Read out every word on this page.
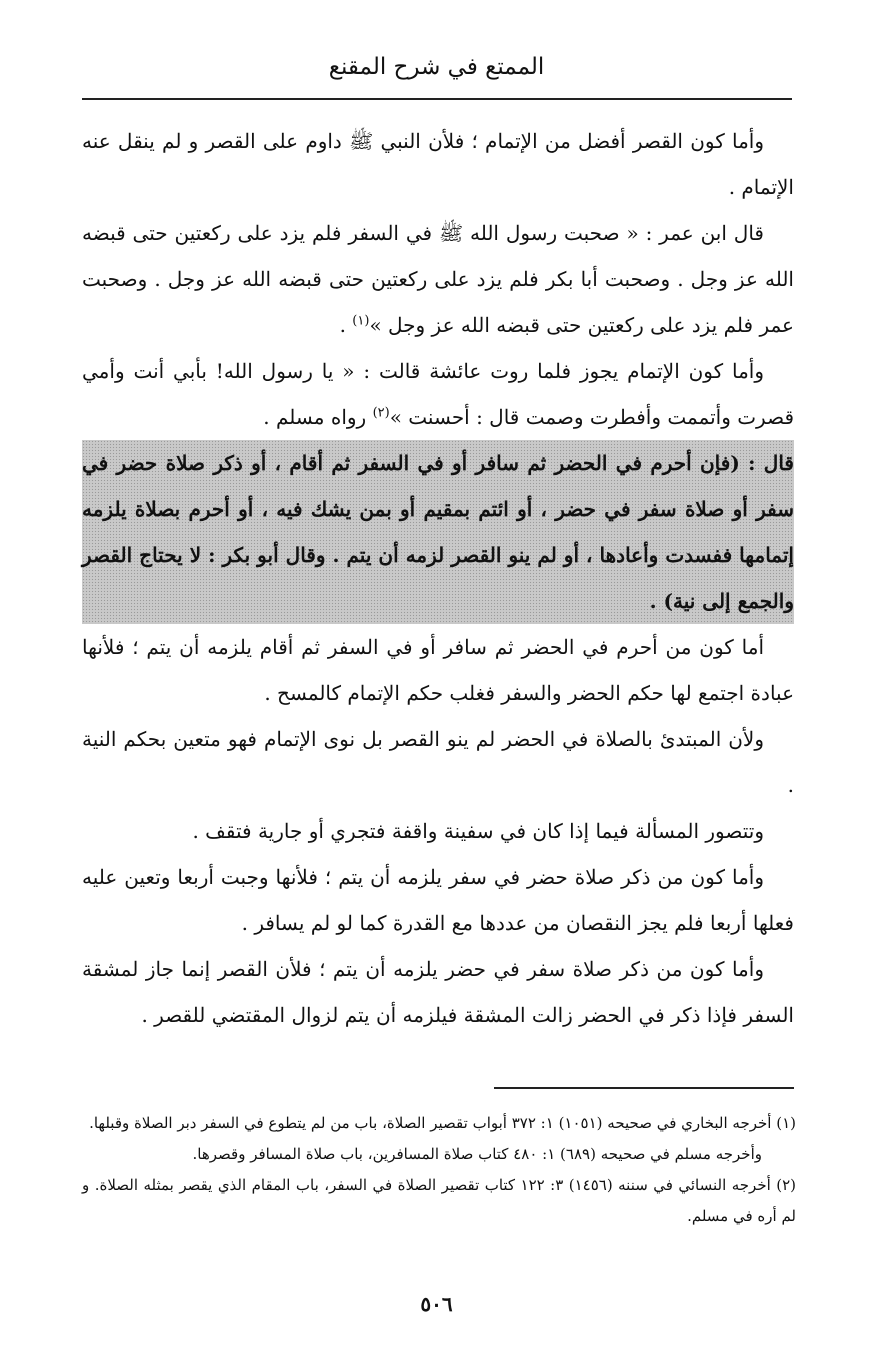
الممتع في شرح المقنع

وأما كون القصر أفضل من الإتمام ؛ فلأن النبي ﷺ داوم على القصر و لم ينقل عنه الإتمام .

قال ابن عمر : « صحبت رسول الله ﷺ في السفر فلم يزد على ركعتين حتى قبضه الله عز وجل . وصحبت أبا بكر فلم يزد على ركعتين حتى قبضه الله عز وجل . وصحبت عمر فلم يزد على ركعتين حتى قبضه الله عز وجل »$^{(١)}$ .

وأما كون الإتمام يجوز فلما روت عائشة قالت : « يا رسول الله! بأبي أنت وأمي قصرت وأتممت وأفطرت وصمت قال : أحسنت »$^{(٢)}$ رواه مسلم .

قال : (فإن أحرم في الحضر ثم سافر أو في السفر ثم أقام ، أو ذكر صلاة حضر في سفر أو صلاة سفر في حضر ، أو ائتم بمقيم أو بمن يشك فيه ، أو أحرم بصلاة يلزمه إتمامها ففسدت وأعادها ، أو لم ينو القصر لزمه أن يتم . وقال أبو بكر : لا يحتاج القصر والجمع إلى نية) .

أما كون من أحرم في الحضر ثم سافر أو في السفر ثم أقام يلزمه أن يتم ؛ فلأنها عبادة اجتمع لها حكم الحضر والسفر فغلب حكم الإتمام كالمسح .

ولأن المبتدئ بالصلاة في الحضر لم ينو القصر بل نوى الإتمام فهو متعين بحكم النية .

وتتصور المسألة فيما إذا كان في سفينة واقفة فتجري أو جارية فتقف .

وأما كون من ذكر صلاة حضر في سفر يلزمه أن يتم ؛ فلأنها وجبت أربعا وتعين عليه فعلها أربعا فلم يجز النقصان من عددها مع القدرة كما لو لم يسافر .

وأما كون من ذكر صلاة سفر في حضر يلزمه أن يتم ؛ فلأن القصر إنما جاز لمشقة السفر فإذا ذكر في الحضر زالت المشقة فيلزمه أن يتم لزوال المقتضي للقصر .

(١) أخرجه البخاري في صحيحه (١٠٥١) ١: ٣٧٢ أبواب تقصير الصلاة، باب من لم يتطوع في السفر دبر الصلاة وقبلها.

وأخرجه مسلم في صحيحه (٦٨٩) ١: ٤٨٠ كتاب صلاة المسافرين، باب صلاة المسافر وقصرها.

(٢) أخرجه النسائي في سننه (١٤٥٦) ٣: ١٢٢ كتاب تقصير الصلاة في السفر، باب المقام الذي يقصر بمثله الصلاة. و لم أره في مسلم.

٥٠٦
